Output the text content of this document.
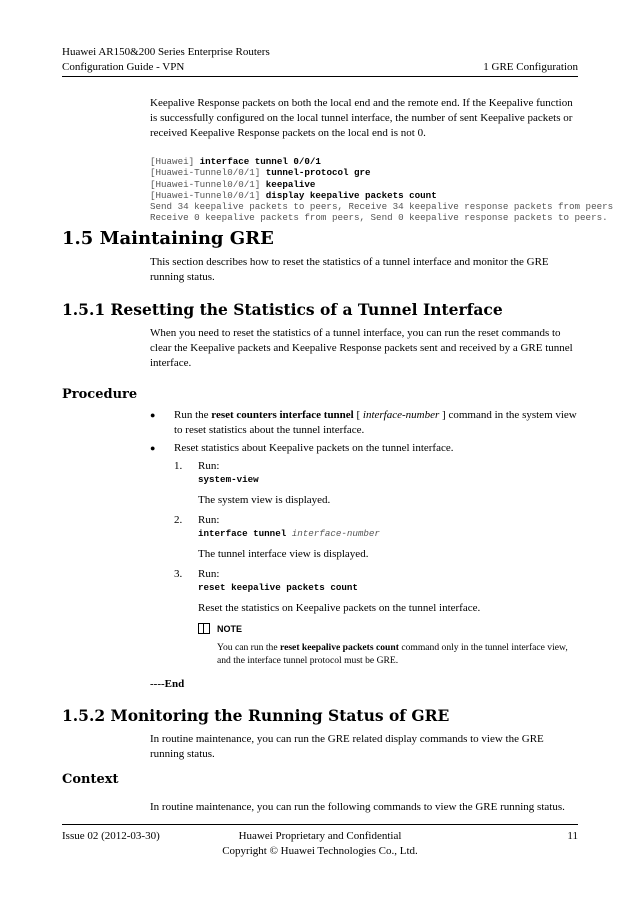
Huawei AR150&200 Series Enterprise Routers
Configuration Guide - VPN	1 GRE Configuration
Keepalive Response packets on both the local end and the remote end. If the Keepalive function is successfully configured on the local tunnel interface, the number of sent Keepalive packets or received Keepalive Response packets on the local end is not 0.

[Huawei] interface tunnel 0/0/1
[Huawei-Tunnel0/0/1] tunnel-protocol gre
[Huawei-Tunnel0/0/1] keepalive
[Huawei-Tunnel0/0/1] display keepalive packets count
Send 34 keepalive packets to peers, Receive 34 keepalive response packets from peers
Receive 0 keepalive packets from peers, Send 0 keepalive response packets to peers.

1.5 Maintaining GRE
This section describes how to reset the statistics of a tunnel interface and monitor the GRE running status.
1.5.1 Resetting the Statistics of a Tunnel Interface
When you need to reset the statistics of a tunnel interface, you can run the reset commands to clear the Keepalive packets and Keepalive Response packets sent and received by a GRE tunnel interface.
Procedure
● Run the reset counters interface tunnel [ interface-number ] command in the system view to reset statistics about the tunnel interface.
● Reset statistics about Keepalive packets on the tunnel interface.
1. Run:
system-view
The system view is displayed.
2. Run:
interface tunnel interface-number
The tunnel interface view is displayed.
3. Run:
reset keepalive packets count
Reset the statistics on Keepalive packets on the tunnel interface.
NOTE
You can run the reset keepalive packets count command only in the tunnel interface view, and the interface tunnel protocol must be GRE.
----End
1.5.2 Monitoring the Running Status of GRE
In routine maintenance, you can run the GRE related display commands to view the GRE running status.
Context
In routine maintenance, you can run the following commands to view the GRE running status.
Issue 02 (2012-03-30)	Huawei Proprietary and Confidential
Copyright © Huawei Technologies Co., Ltd.
11
